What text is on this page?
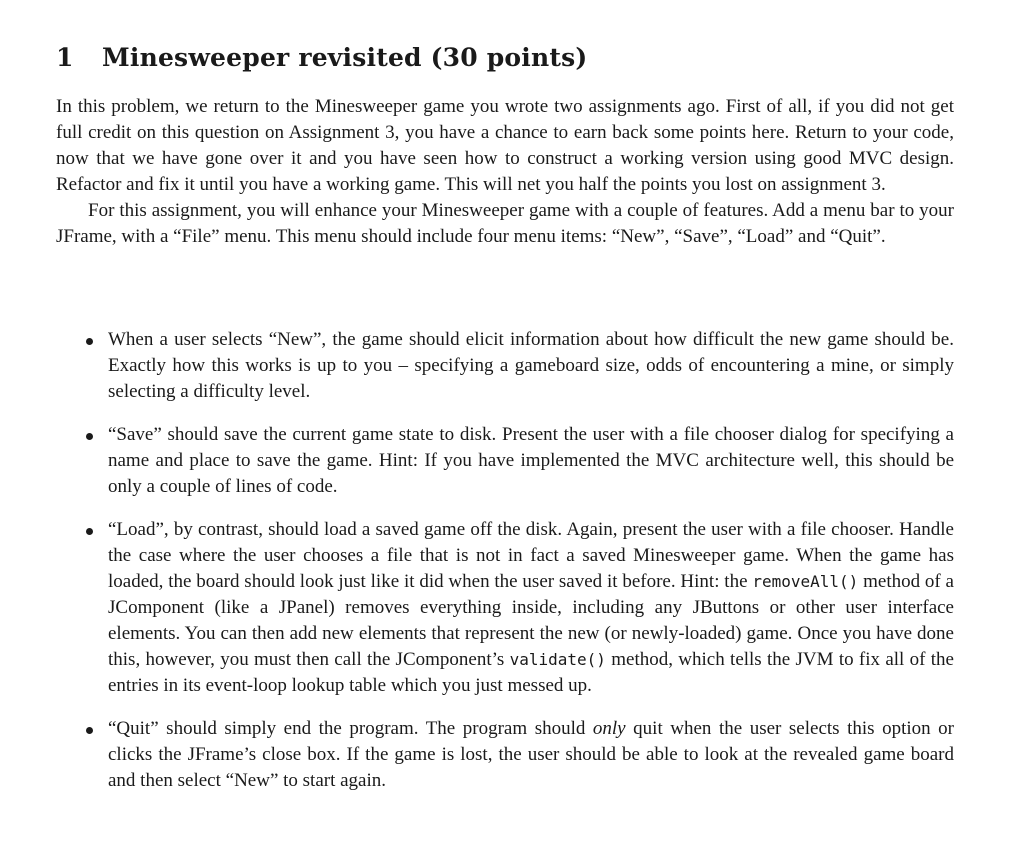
1 Minesweeper revisited (30 points)

In this problem, we return to the Minesweeper game you wrote two assignments ago. First of all, if you did not get full credit on this question on Assignment 3, you have a chance to earn back some points here. Return to your code, now that we have gone over it and you have seen how to construct a working version using good MVC design. Refactor and fix it until you have a working game. This will net you half the points you lost on assignment 3.

For this assignment, you will enhance your Minesweeper game with a couple of features. Add a menu bar to your JFrame, with a “File” menu. This menu should include four menu items: “New”, “Save”, “Load” and “Quit”.

When a user selects “New”, the game should elicit information about how difficult the new game should be. Exactly how this works is up to you – specifying a gameboard size, odds of encountering a mine, or simply selecting a difficulty level.
“Save” should save the current game state to disk. Present the user with a file chooser dialog for specifying a name and place to save the game. Hint: If you have implemented the MVC architecture well, this should be only a couple of lines of code.
“Load”, by contrast, should load a saved game off the disk. Again, present the user with a file chooser. Handle the case where the user chooses a file that is not in fact a saved Minesweeper game. When the game has loaded, the board should look just like it did when the user saved it before. Hint: the removeAll() method of a JComponent (like a JPanel) removes everything inside, including any JButtons or other user interface elements. You can then add new elements that represent the new (or newly-loaded) game. Once you have done this, however, you must then call the JComponent’s validate() method, which tells the JVM to fix all of the entries in its event-loop lookup table which you just messed up.
“Quit” should simply end the program. The program should only quit when the user selects this option or clicks the JFrame’s close box. If the game is lost, the user should be able to look at the revealed game board and then select “New” to start again.
